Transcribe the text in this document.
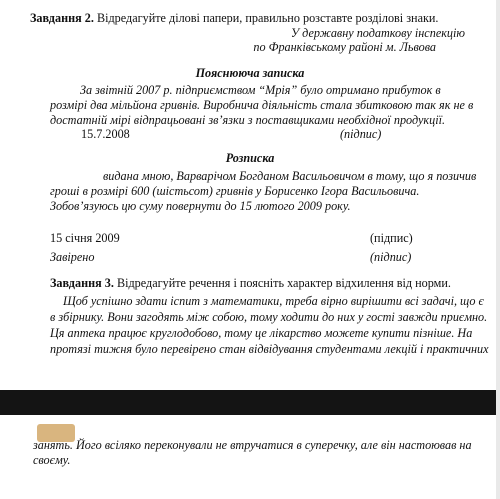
Завдання 2. Відредагуйте ділові папери, правильно розставте розділові знаки.
У державну податкову інспекцію
по Франківському районі м. Львова
Пояснююча записка
За звітній 2007 р. підприємством “Мрія” було отримано прибуток в
розмірі два мільйона гривнів. Виробнича діяльність стала збитковою так як не в
достатній мірі відпрацьовані зв’язки з поставщиками необхідної продукції.
15.7.2008	(підпис)
Розписка
видана мною, Варварічом Богданом Васильовичом в тому, що я позичив
гроші в розмірі 600 (шістьсот) гривнів у Борисенко Ігора Васильовича.
Зобов’язуюсь цю суму повернути до 15 лютого 2009 року.
15 січня 2009	(підпис)
Завірено	(підпис)
Завдання 3. Відредагуйте речення і поясніть характер відхилення від норми.
Щоб успішно здати іспит з математики, треба вірно вирішити всі задачі, що є
в збірнику. Вони загодять між собою, тому ходити до них у гості завжди приємно.
Ця аптека працює круглодобово, тому це лікарство можете купити пізніше. На
протязі тижня було перевірено стан відвідування студентами лекцій і практичних
занять. Його всіляко переконували не втручатися в суперечку, але він настоював на
своєму.
